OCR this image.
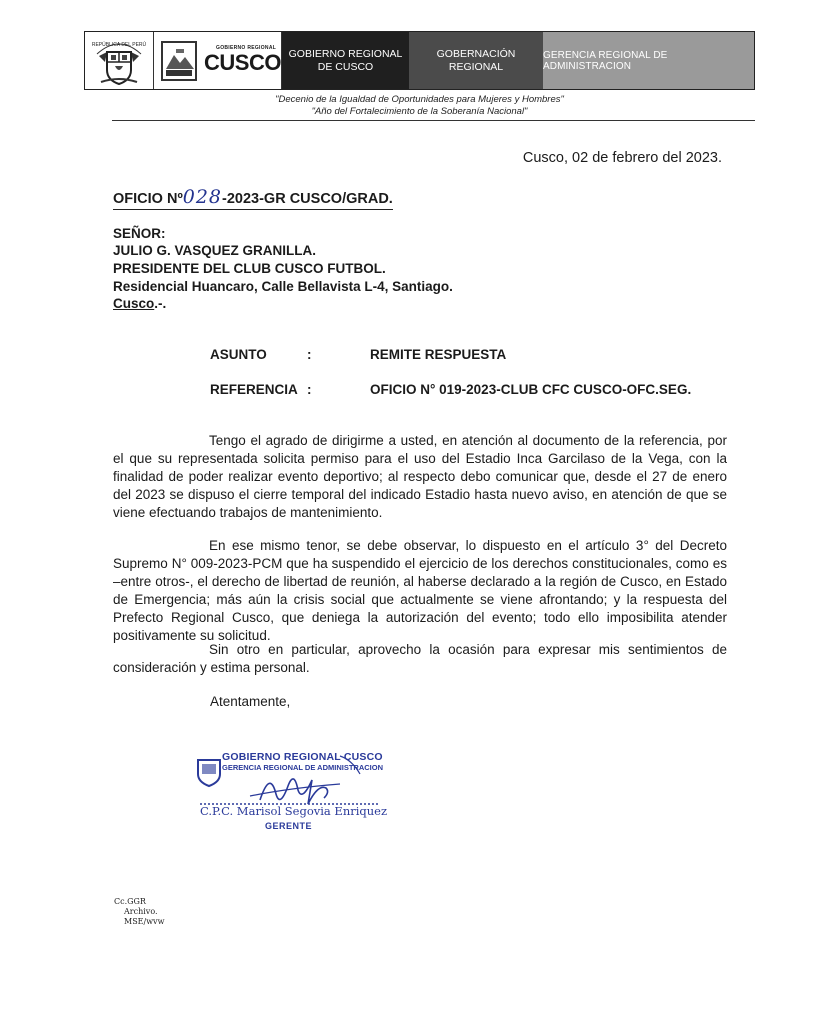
REPÚBLICA DEL PERÚ	GOBIERNO REGIONAL
CUSCO GOBIERNO REGIONAL
DE CUSCO
GOBERNACIÓN
REGIONAL
GERENCIA REGIONAL DE ADMINISTRACION
"Decenio de la Igualdad de Oportunidades para Mujeres y Hombres"
"Año del Fortalecimiento de la Soberanía Nacional"
Cusco, 02 de febrero del 2023.
OFICIO Nº028-2023-GR CUSCO/GRAD.
SEÑOR:
JULIO G. VASQUEZ GRANILLA.
PRESIDENTE DEL CLUB CUSCO FUTBOL.
Residencial Huancaro, Calle Bellavista L-4, Santiago.
Cusco.-.
ASUNTO	:	REMITE RESPUESTA
REFERENCIA :	OFICIO N° 019-2023-CLUB CFC CUSCO-OFC.SEG.
Tengo el agrado de dirigirme a usted, en atención al documento de la referencia, por el que su representada solicita permiso para el uso del Estadio Inca Garcilaso de la Vega, con la finalidad de poder realizar evento deportivo; al respecto debo comunicar que, desde el 27 de enero del 2023 se dispuso el cierre temporal del indicado Estadio hasta nuevo aviso, en atención de que se viene efectuando trabajos de mantenimiento.
En ese mismo tenor, se debe observar, lo dispuesto en el artículo 3° del Decreto Supremo N° 009-2023-PCM que ha suspendido el ejercicio de los derechos constitucionales, como es –entre otros-, el derecho de libertad de reunión, al haberse declarado a la región de Cusco, en Estado de Emergencia; más aún la crisis social que actualmente se viene afrontando; y la respuesta del Prefecto Regional Cusco, que deniega la autorización del evento; todo ello imposibilita atender positivamente su solicitud.
Sin otro en particular, aprovecho la ocasión para expresar mis sentimientos de consideración y estima personal.
Atentamente,
GOBIERNO REGIONAL CUSCO
GERENCIA REGIONAL DE ADMINISTRACION
C.P.C. Marisol Segovia Enriquez
GERENTE
Cc.GGR
Archivo.
MSE/wvw
